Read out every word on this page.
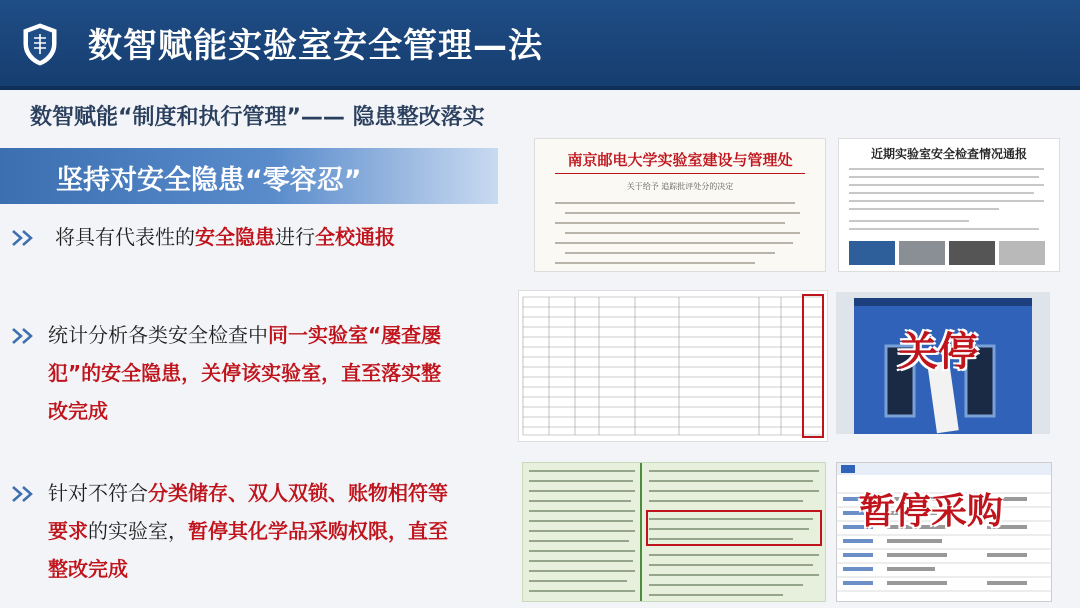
数智赋能实验室安全管理—法
数智赋能“制度和执行管理”—— 隐患整改落实
坚持对安全隐患“零容忍”
将具有代表性的安全隐患进行全校通报
统计分析各类安全检查中同一实验室“屡查屡
犯”的安全隐患，关停该实验室，直至落实整
改完成
针对不符合分类储存、双人双锁、账物相符等
要求的实验室，暂停其化学品采购权限，直至
整改完成
南京邮电大学实验室建设与管理处
关于给予 追踪批评处分的决定
近期实验室安全检查情况通报
关停
暂停采购
